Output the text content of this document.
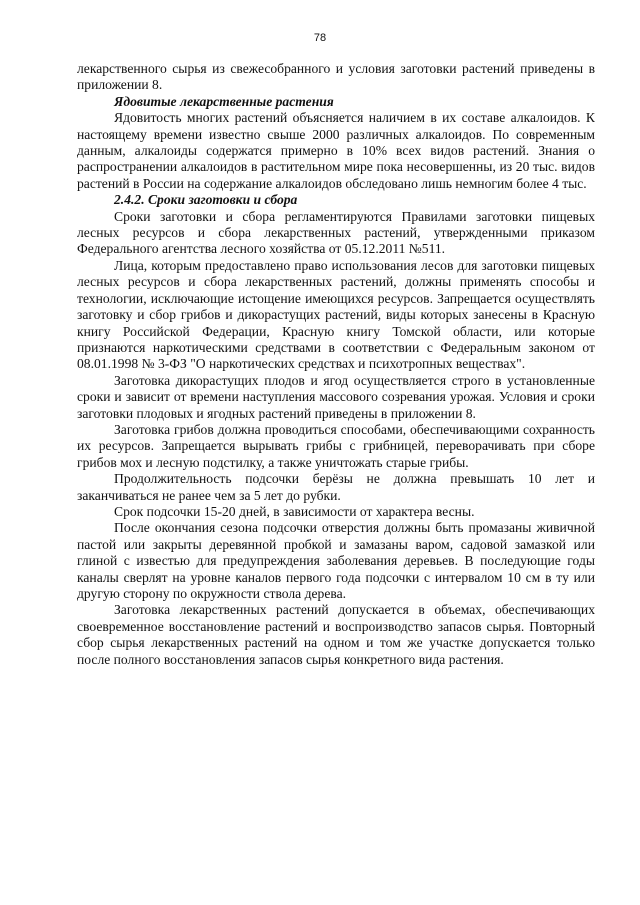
78

лекарственного сырья из свежесобранного и условия заготовки растений приведены в приложении 8.

Ядовитые лекарственные растения

Ядовитость многих растений объясняется наличием в их составе алкалоидов. К настоящему времени известно свыше 2000 различных алкалоидов. По современным данным, алкалоиды содержатся примерно в 10% всех видов растений. Знания о распространении алкалоидов в растительном мире пока несовершенны, из 20 тыс. видов растений в России на содержание алкалоидов обследовано лишь немногим более 4 тыс.

2.4.2. Сроки заготовки и сбора

Сроки заготовки и сбора регламентируются Правилами заготовки пищевых лесных ресурсов и сбора лекарственных растений, утвержденными приказом Федерального агентства лесного хозяйства от 05.12.2011 №511.

Лица, которым предоставлено право использования лесов для заготовки пищевых лесных ресурсов и сбора лекарственных растений, должны применять способы и технологии, исключающие истощение имеющихся ресурсов. Запрещается осуществлять заготовку и сбор грибов и дикорастущих растений, виды которых занесены в Красную книгу Российской Федерации, Красную книгу Томской области, или которые признаются наркотическими средствами в соответствии с Федеральным законом от 08.01.1998 № 3-ФЗ "О наркотических средствах и психотропных веществах".

Заготовка дикорастущих плодов и ягод осуществляется строго в установленные сроки и зависит от времени наступления массового созревания урожая. Условия и сроки заготовки плодовых и ягодных растений приведены в приложении 8.

Заготовка грибов должна проводиться способами, обеспечивающими сохранность их ресурсов. Запрещается вырывать грибы с грибницей, переворачивать при сборе грибов мох и лесную подстилку, а также уничтожать старые грибы.

Продолжительность подсочки берёзы не должна превышать 10 лет и заканчиваться не ранее чем за 5 лет до рубки.

Срок подсочки 15-20 дней, в зависимости от характера весны.

После окончания сезона подсочки отверстия должны быть промазаны живичной пастой или закрыты деревянной пробкой и замазаны варом, садовой замазкой или глиной с известью для предупреждения заболевания деревьев. В последующие годы каналы сверлят на уровне каналов первого года подсочки с интервалом 10 см в ту или другую сторону по окружности ствола дерева.

Заготовка лекарственных растений допускается в объемах, обеспечивающих своевременное восстановление растений и воспроизводство запасов сырья. Повторный сбор сырья лекарственных растений на одном и том же участке допускается только после полного восстановления запасов сырья конкретного вида растения.
